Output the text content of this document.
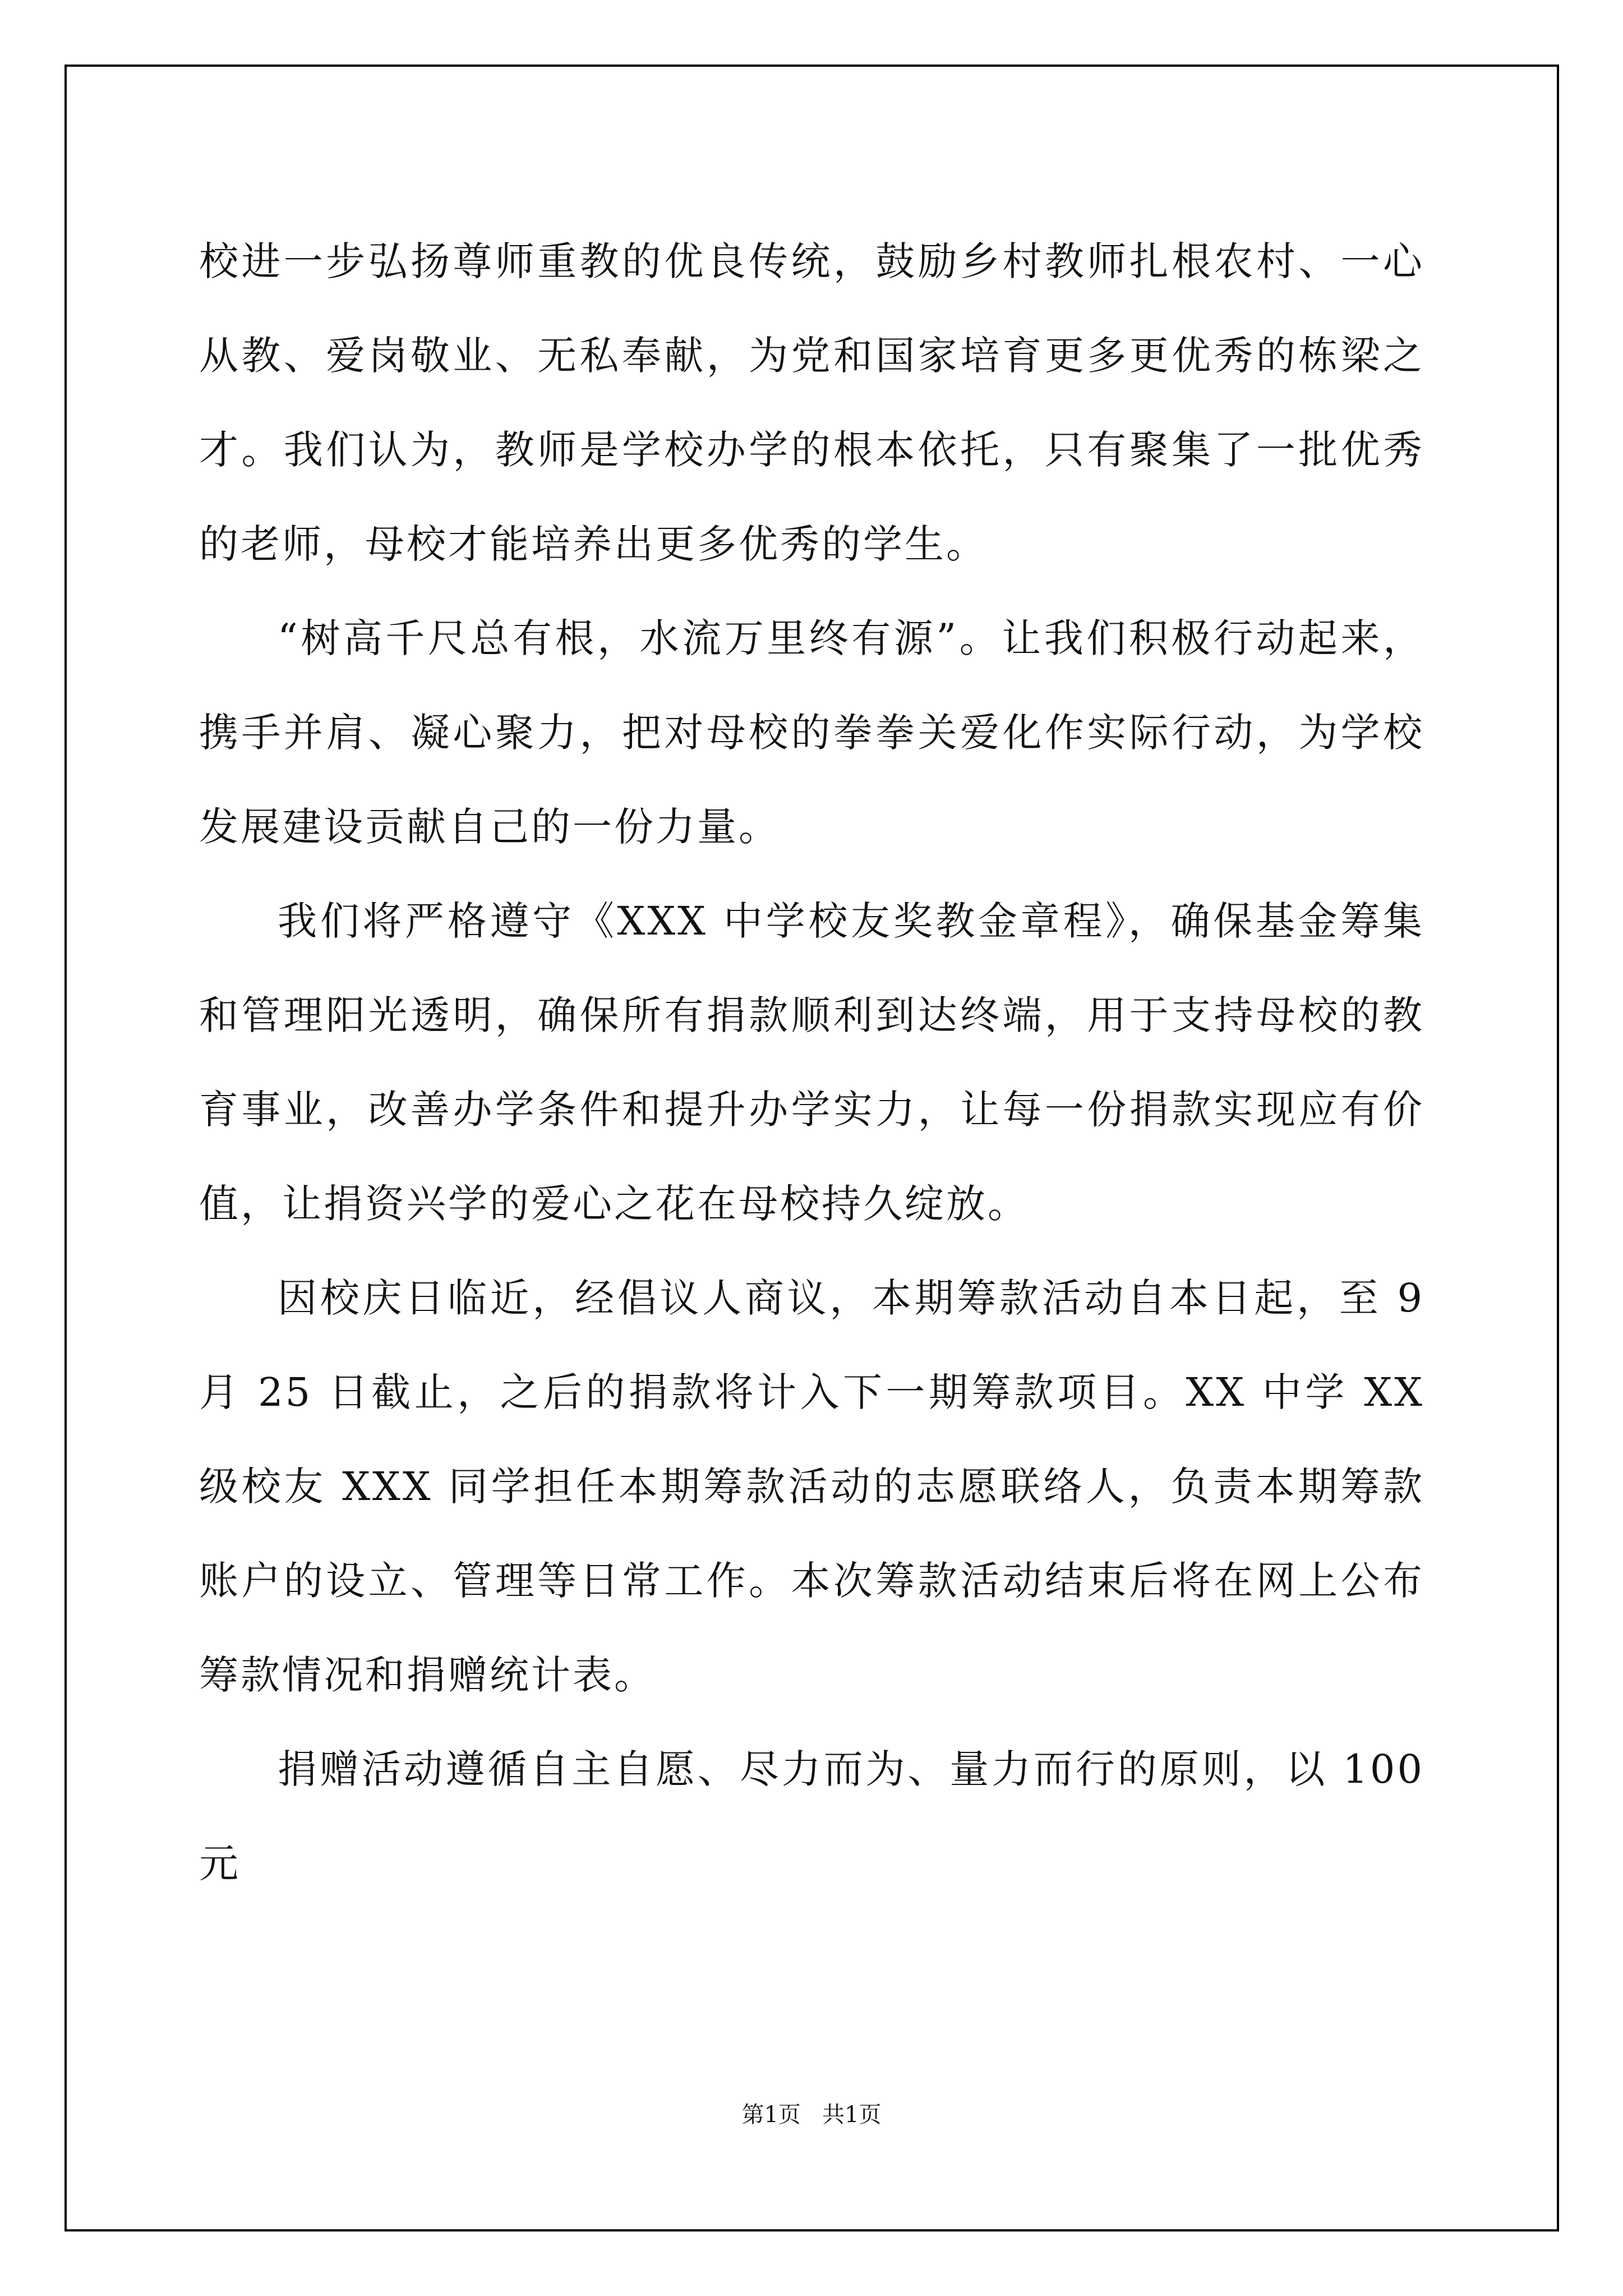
校进一步弘扬尊师重教的优良传统，鼓励乡村教师扎根农村、一心从教、爱岗敬业、无私奉献，为党和国家培育更多更优秀的栋梁之才。我们认为，教师是学校办学的根本依托，只有聚集了一批优秀的老师，母校才能培养出更多优秀的学生。

“树高千尺总有根，水流万里终有源”。让我们积极行动起来，携手并肩、凝心聚力，把对母校的拳拳关爱化作实际行动，为学校发展建设贡献自己的一份力量。

我们将严格遵守《XXX 中学校友奖教金章程》，确保基金筹集和管理阳光透明，确保所有捐款顺利到达终端，用于支持母校的教育事业，改善办学条件和提升办学实力，让每一份捐款实现应有价值，让捐资兴学的爱心之花在母校持久绽放。

因校庆日临近，经倡议人商议，本期筹款活动自本日起，至 9 月 25 日截止，之后的捐款将计入下一期筹款项目。XX 中学 XX 级校友 XXX 同学担任本期筹款活动的志愿联络人，负责本期筹款账户的设立、管理等日常工作。本次筹款活动结束后将在网上公布筹款情况和捐赠统计表。

捐赠活动遵循自主自愿、尽力而为、量力而行的原则，以 100 元

第1页   共1页
